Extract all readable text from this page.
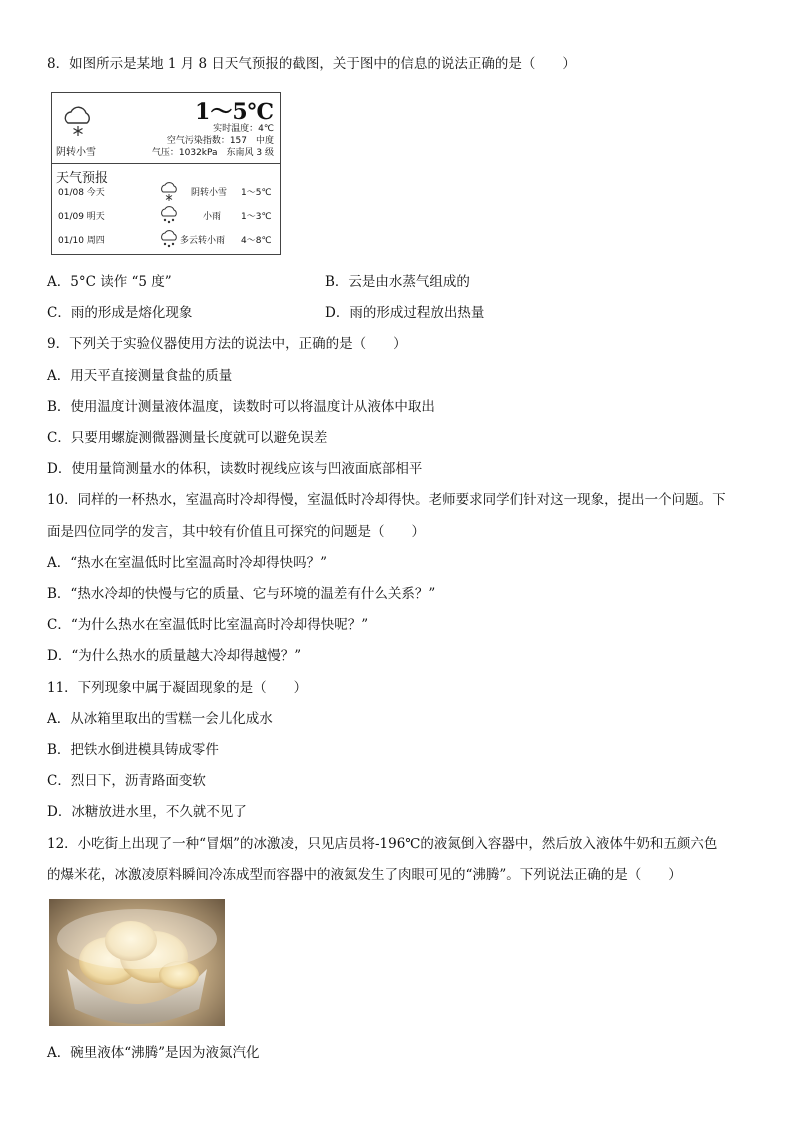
8．如图所示是某地 1 月 8 日天气预报的截图，关于图中的信息的说法正确的是（　　）
阴转小雪
1～5℃
实时温度：4℃
空气污染指数：157　中度
气压：1032kPa　东南风 3 级
天气预报
01/08 今天	阴转小雪 1～5℃
01/09 明天	小雨 1～3℃
01/10 周四	多云转小雨 4～8℃
A．5°C 读作 “5 度”	B．云是由水蒸气组成的
C．雨的形成是熔化现象	D．雨的形成过程放出热量
9．下列关于实验仪器使用方法的说法中，正确的是（　　）
A．用天平直接测量食盐的质量
B．使用温度计测量液体温度，读数时可以将温度计从液体中取出
C．只要用螺旋测微器测量长度就可以避免误差
D．使用量筒测量水的体积，读数时视线应该与凹液面底部相平
10．同样的一杯热水，室温高时冷却得慢，室温低时冷却得快。老师要求同学们针对这一现象，提出一个问题。下
面是四位同学的发言，其中较有价值且可探究的问题是（　　）
A．“热水在室温低时比室温高时冷却得快吗？”
B．“热水冷却的快慢与它的质量、它与环境的温差有什么关系？”
C．“为什么热水在室温低时比室温高时冷却得快呢？”
D．“为什么热水的质量越大冷却得越慢？”
11．下列现象中属于凝固现象的是（　　）
A．从冰箱里取出的雪糕一会儿化成水
B．把铁水倒进模具铸成零件
C．烈日下，沥青路面变软
D．冰糖放进水里，不久就不见了
12．小吃街上出现了一种“冒烟”的冰激凌，只见店员将-196℃的液氮倒入容器中，然后放入液体牛奶和五颜六色
的爆米花，冰激凌原料瞬间冷冻成型而容器中的液氮发生了肉眼可见的“沸腾”。下列说法正确的是（　　）
A．碗里液体“沸腾”是因为液氮汽化
